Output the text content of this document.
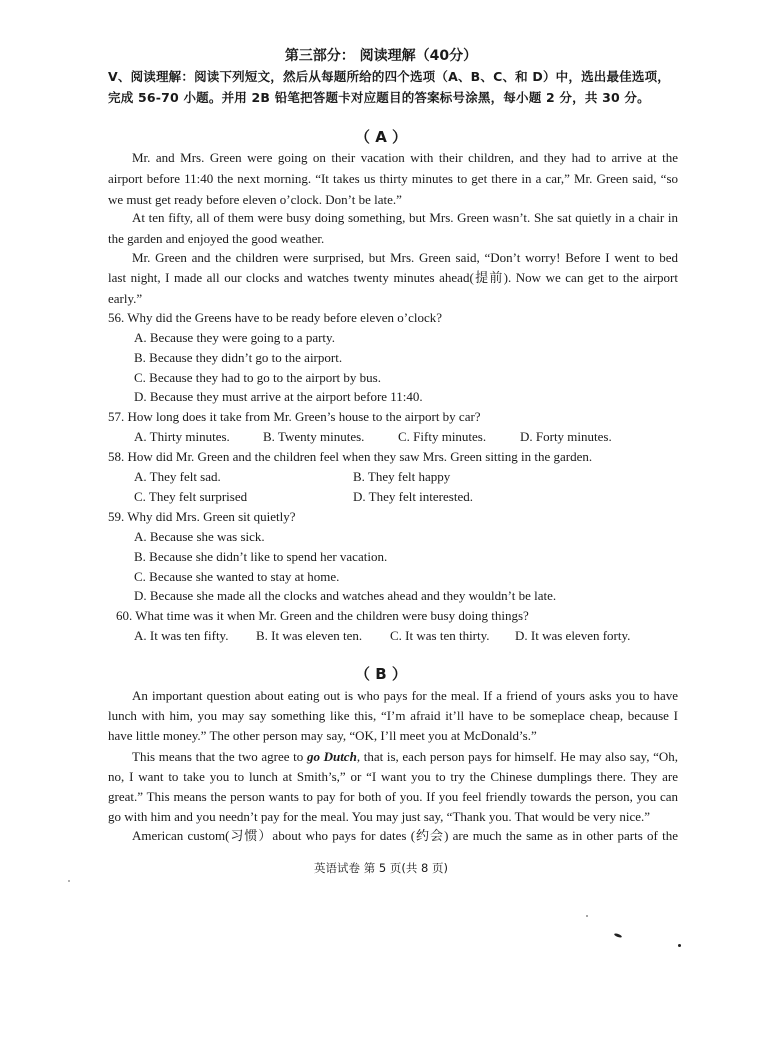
第三部分： 阅读理解（40分）
V、阅读理解：阅读下列短文，然后从每题所给的四个选项（A、B、C、和 D）中，选出最佳选项，
完成 56-70 小题。并用 2B 铅笔把答题卡对应题目的答案标号涂黑，每小题 2 分，共 30 分。
（ A ）
Mr. and Mrs. Green were going on their vacation with their children, and they had to arrive at the
airport before 11:40 the next morning. “It takes us thirty minutes to get there in a car,” Mr. Green said, “so
we must get ready before eleven o’clock. Don’t be late.”
At ten fifty, all of them were busy doing something, but Mrs. Green wasn’t. She sat quietly in a chair in
the garden and enjoyed the good weather.
Mr. Green and the children were surprised, but Mrs. Green said, “Don’t worry! Before I went to bed
last night, I made all our clocks and watches twenty minutes ahead(提前). Now we can get to the airport
early.”
56. Why did the Greens have to be ready before eleven o’clock?
A. Because they were going to a party.
B. Because they didn’t go to the airport.
C. Because they had to go to the airport by bus.
D. Because they must arrive at the airport before 11:40.
57. How long does it take from Mr. Green’s house to the airport by car?
A. Thirty minutes.	B. Twenty minutes.	C. Fifty minutes.	D. Forty minutes.
58. How did Mr. Green and the children feel when they saw Mrs. Green sitting in the garden.
A. They felt sad.	B. They felt happy
C. They felt surprised	D. They felt interested.
59. Why did Mrs. Green sit quietly?
A. Because she was sick.
B. Because she didn’t like to spend her vacation.
C. Because she wanted to stay at home.
D. Because she made all the clocks and watches ahead and they wouldn’t be late.
60. What time was it when Mr. Green and the children were busy doing things?
A. It was ten fifty. B. It was eleven ten. C. It was ten thirty. D. It was eleven forty.
（ B ）
An important question about eating out is who pays for the meal. If a friend of yours asks you to have
lunch with him, you may say something like this, “I’m afraid it’ll have to be someplace cheap, because I
have little money.” The other person may say, “OK, I’ll meet you at McDonald’s.”
This means that the two agree to go Dutch, that is, each person pays for himself. He may also say, “Oh,
no, I want to take you to lunch at Smith’s,” or “I want you to try the Chinese dumplings there. They are
great.” This means the person wants to pay for both of you. If you feel friendly towards the person, you can
go with him and you needn’t pay for the meal. You may just say, “Thank you. That would be very nice.”
American custom(习惯）about who pays for dates (约会) are much the same as in other parts of the
英语试卷 第 5 页(共 8 页)
